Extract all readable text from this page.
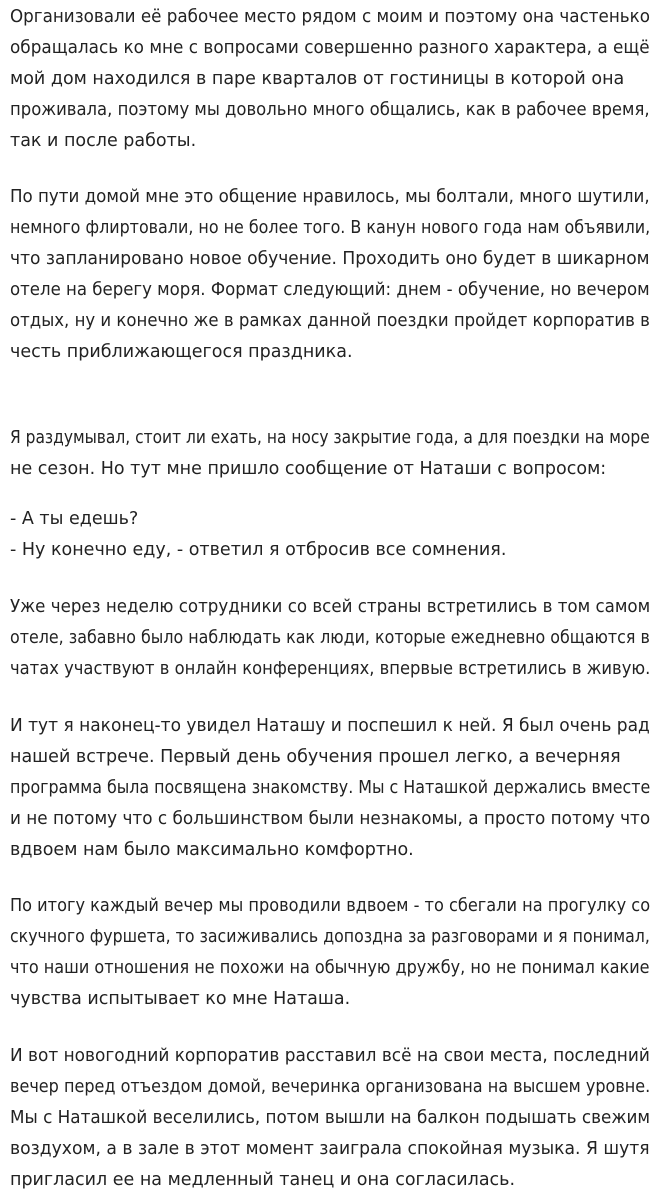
Организовали её рабочее место рядом с моим и поэтому она частенько
обращалась ко мне с вопросами совершенно разного характера, а ещё
мой дом находился в паре кварталов от гостиницы в которой она
проживала, поэтому мы довольно много общались, как в рабочее время,
так и после работы.

По пути домой мне это общение нравилось, мы болтали, много шутили,
немного флиртовали, но не более того. В канун нового года нам объявили,
что запланировано новое обучение. Проходить оно будет в шикарном
отеле на берегу моря. Формат следующий: днем - обучение, но вечером
отдых, ну и конечно же в рамках данной поездки пройдет корпоратив в
честь приближающегося праздника.

Я раздумывал, стоит ли ехать, на носу закрытие года, а для поездки на море
не сезон. Но тут мне пришло сообщение от Наташи с вопросом:

- А ты едешь?
- Ну конечно еду, - ответил я отбросив все сомнения.

Уже через неделю сотрудники со всей страны встретились в том самом
отеле, забавно было наблюдать как люди, которые ежедневно общаются в
чатах участвуют в онлайн конференциях, впервые встретились в живую.

И тут я наконец-то увидел Наташу и поспешил к ней. Я был очень рад
нашей встрече. Первый день обучения прошел легко, а вечерняя
программа была посвящена знакомству. Мы с Наташкой держались вместе
и не потому что с большинством были незнакомы, а просто потому что
вдвоем нам было максимально комфортно.

По итогу каждый вечер мы проводили вдвоем - то сбегали на прогулку со
скучного фуршета, то засиживались допоздна за разговорами и я понимал,
что наши отношения не похожи на обычную дружбу, но не понимал какие
чувства испытывает ко мне Наташа.

И вот новогодний корпоратив расставил всё на свои места, последний
вечер перед отъездом домой, вечеринка организована на высшем уровне.
Мы с Наташкой веселились, потом вышли на балкон подышать свежим
воздухом, а в зале в этот момент заиграла спокойная музыка. Я шутя
пригласил ее на медленный танец и она согласилась.
